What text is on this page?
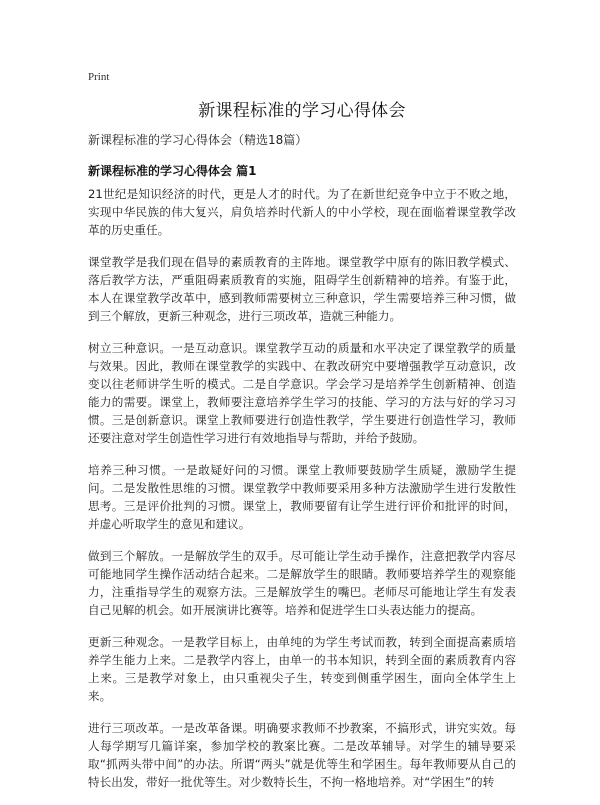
Print
新课程标准的学习心得体会

新课程标准的学习心得体会（精选18篇）

新课程标准的学习心得体会 篇1

21世纪是知识经济的时代，更是人才的时代。为了在新世纪竞争中立于不败之地，实现中华民族的伟大复兴，肩负培养时代新人的中小学校，现在面临着课堂教学改革的历史重任。

课堂教学是我们现在倡导的素质教育的主阵地。课堂教学中原有的陈旧教学模式、落后教学方法，严重阻碍素质教育的实施，阻碍学生创新精神的培养。有鉴于此，本人在课堂教学改革中，感到教师需要树立三种意识，学生需要培养三种习惯，做到三个解放，更新三种观念，进行三项改革，造就三种能力。

树立三种意识。一是互动意识。课堂教学互动的质量和水平决定了课堂教学的质量与效果。因此，教师在课堂教学的实践中、在教改研究中要增强教学互动意识，改变以往老师讲学生听的模式。二是自学意识。学会学习是培养学生创新精神、创造能力的需要。课堂上，教师要注意培养学生学习的技能、学习的方法与好的学习习惯。三是创新意识。课堂上教师要进行创造性教学，学生要进行创造性学习，教师还要注意对学生创造性学习进行有效地指导与帮助，并给予鼓励。

培养三种习惯。一是敢疑好问的习惯。课堂上教师要鼓励学生质疑，激励学生提问。二是发散性思维的习惯。课堂教学中教师要采用多种方法激励学生进行发散性思考。三是评价批判的习惯。课堂上，教师要留有让学生进行评价和批评的时间，并虚心听取学生的意见和建议。

做到三个解放。一是解放学生的双手。尽可能让学生动手操作，注意把教学内容尽可能地同学生操作活动结合起来。二是解放学生的眼睛。教师要培养学生的观察能力，注重指导学生的观察方法。三是解放学生的嘴巴。老师尽可能地让学生有发表自己见解的机会。如开展演讲比赛等。培养和促进学生口头表达能力的提高。

更新三种观念。一是教学目标上，由单纯的为学生考试而教，转到全面提高素质培养学生能力上来。二是教学内容上，由单一的书本知识，转到全面的素质教育内容上来。三是教学对象上，由只重视尖子生，转变到侧重学困生，面向全体学生上来。

进行三项改革。一是改革备课。明确要求教师不抄教案，不搞形式，讲究实效。每人每学期写几篇详案，参加学校的教案比赛。二是改革辅导。对学生的辅导要采取“抓两头带中间”的办法。所谓“两头”就是优等生和学困生。每年教师要从自己的特长出发，带好一批优等生。对少数特长生，不拘一格地培养。对“学困生”的转
